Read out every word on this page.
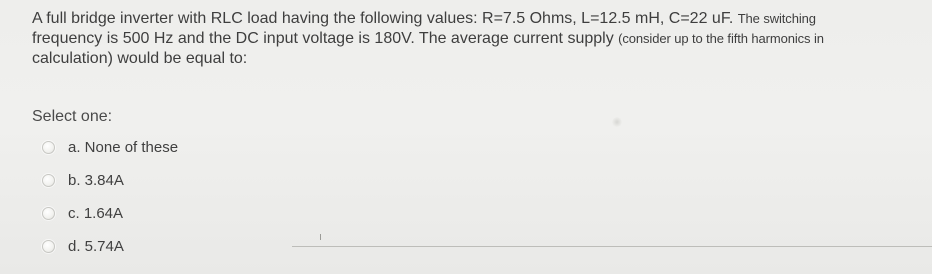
A full bridge inverter with RLC load having the following values: R=7.5 Ohms, L=12.5 mH, C=22 uF. The switching
frequency is 500 Hz and the DC input voltage is 180V. The average current supply (consider up to the fifth harmonics in
calculation) would be equal to:
Select one:
a. None of these
b. 3.84A
c. 1.64A
d. 5.74A
